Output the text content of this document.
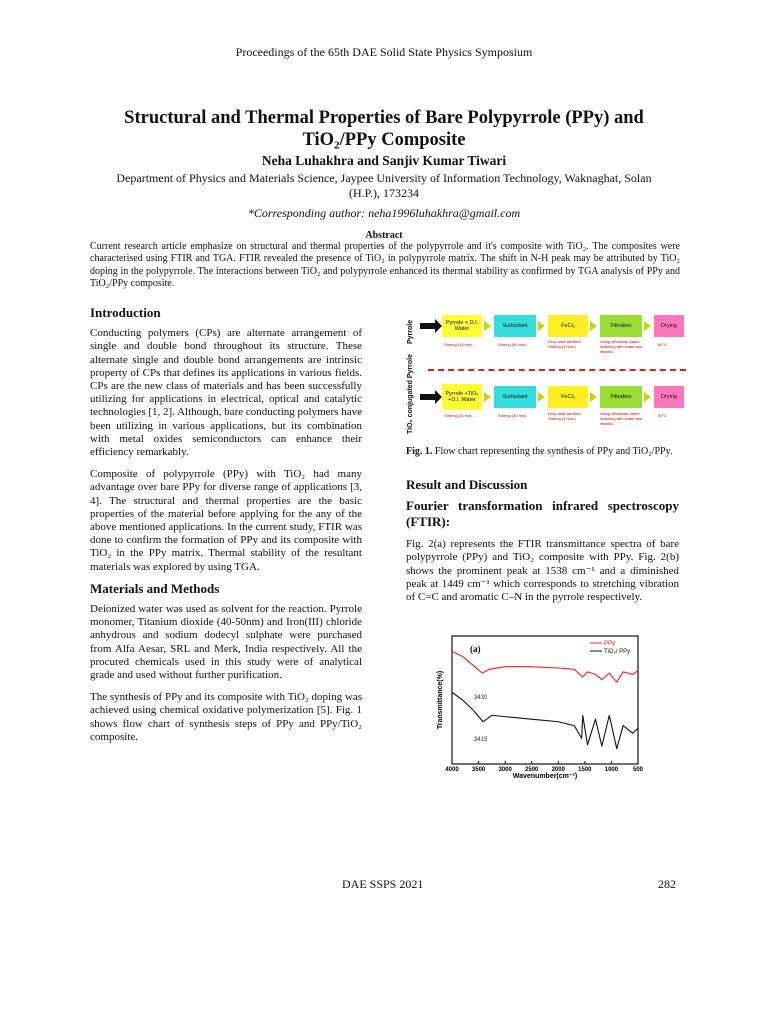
Proceedings of the 65th DAE Solid State Physics Symposium
Structural and Thermal Properties of Bare Polypyrrole (PPy) and
TiO₂/PPy Composite
Neha Luhakhra and Sanjiv Kumar Tiwari
Department of Physics and Materials Science, Jaypee University of Information Technology, Waknaghat, Solan (H.P.), 173234
*Corresponding author: neha1996luhakhra@gmail.com
Abstract
Current research article emphasize on structural and thermal properties of the polypyrrole and it's composite with TiO₂. The composites were characterised using FTIR and TGA. FTIR revealed the presence of TiO₂ in polypyrrole matrix. The shift in N-H peak may be attributed by TiO₂ doping in the polypyrrole. The interactions between TiO₂ and polypyrrole enhanced its thermal stability as confirmed by TGA analysis of PPy and TiO₂/PPy composite.
Introduction

Conducting polymers (CPs) are alternate arrangement of single and double bond throughout its structure. These alternate single and double bond arrangements are intrinsic property of CPs that defines its applications in various fields. CPs are the new class of materials and has been successfully utilizing for applications in electrical, optical and catalytic technologies [1, 2]. Although, bare conducting polymers have been utilizing in various applications, but its combination with metal oxides semiconductors can enhance their efficiency remarkably.

Composite of polypyrrole (PPy) with TiO₂ had many advantage over bare PPy for diverse range of applications [3, 4]. The structural and thermal properties are the basic properties of the material before applying for the any of the above mentioned applications. In the current study, FTIR was done to confirm the formation of PPy and its composite with TiO₂ in the PPy matrix. Thermal stability of the resultant materials was explored by using TGA.

Materials and Methods

Deionized water was used as solvent for the reaction. Pyrrole monomer, Titanium dioxide (40-50nm) and Iron(III) chloride anhydrous and sodium dodecyl sulphate were purchased from Alfa Aesar, SRL and Merk, India respectively. All the procured chemicals used in this study were of analytical grade and used without further purification.

The synthesis of PPy and its composite with TiO₂ doping was achieved using chemical oxidative polymerization [5]. Fig. 1 shows flow chart of synthesis steps of PPy and PPy/TiO₂ composite.

Pyrrole
TiO₂ conjugated Pyrrole
Pyrrole + D.I. Water	Surfactant	FeCl₃	Filtration	Drying
Stirring (15 min)	Stirring (30 min)
Drop wise addition
Stirring (4 hour)
Using Whatman paper Washing with water and ethanol
50°C
Pyrrole +TiO₂ +D.I. Water	Surfactant	FeCl₃	Filtration	Drying
Stirring (15 min)	Stirring (30 min)	Drop wise addition
Stirring (4 hour)
Using Whatman paper Washing with water and ethanol
50°C

Fig. 1. Flow chart representing the synthesis of PPy and TiO₂/PPy.

Result and Discussion
Fourier transformation infrared spectroscopy (FTIR):

Fig. 2(a) represents the FTIR transmittance spectra of bare polypyrrole (PPy) and TiO₂ composite with PPy. Fig. 2(b) shows the prominent peak at 1538 cm⁻¹ and a diminished peak at 1449 cm⁻¹ which corresponds to stretching vibration of C=C and aromatic C–N in the pyrrole respectively.

4000 3500 3000 2500 2000 1500 1000 500
(a)
3430
3415
Wavenumber(cm⁻¹)
Transmittance(%)
PPy
TiO₂/ PPy
DAE SSPS 2021	282
